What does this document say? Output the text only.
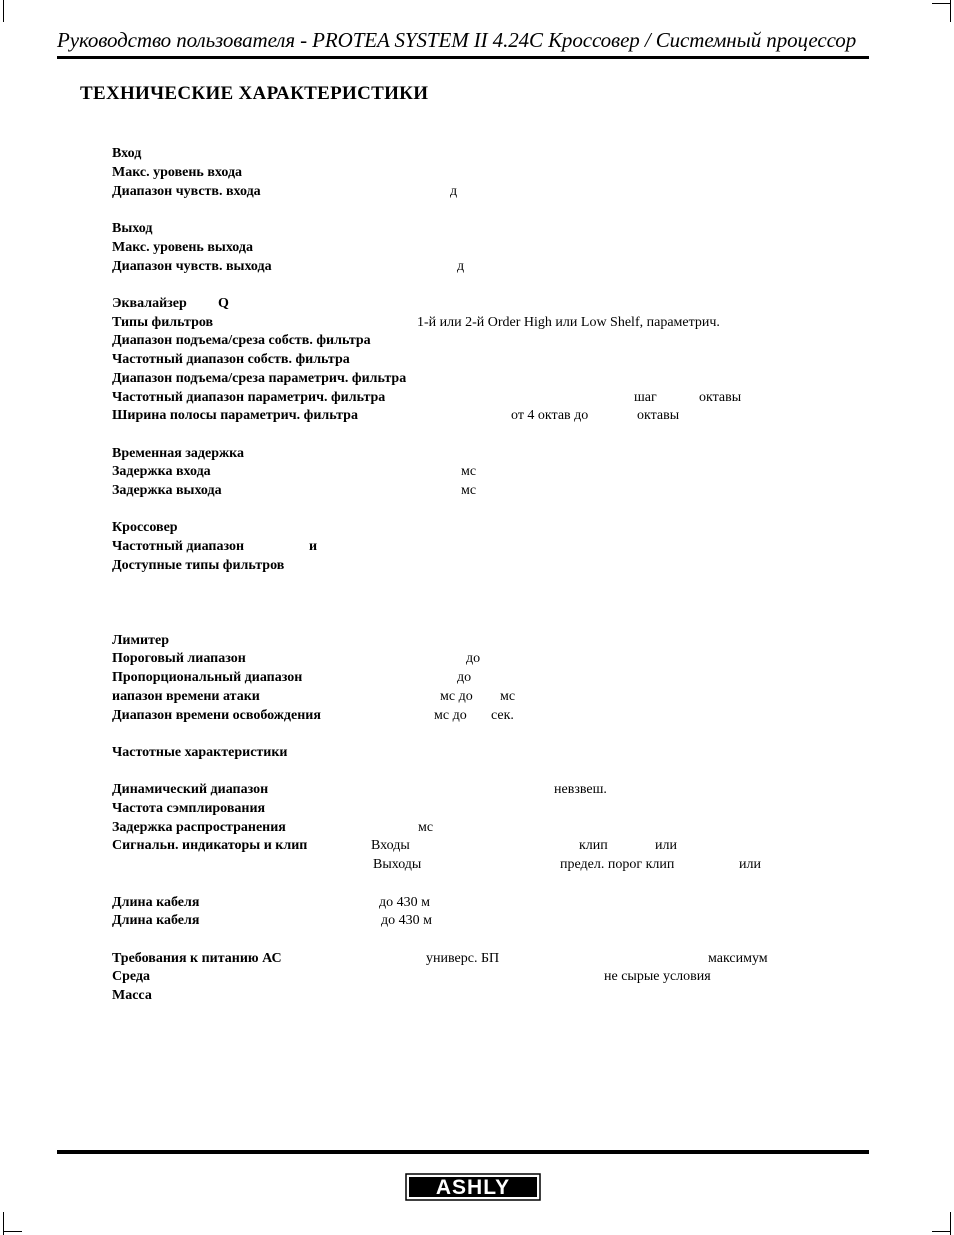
Руководство пользователя - PROTEA SYSTEM II 4.24C Кроссовер / Системный процессор
ТЕХНИЧЕСКИЕ ХАРАКТЕРИСТИКИ
Вход
Макс. уровень входа
Диапазон чувств. входа	д
Выход
Макс. уровень выхода
Диапазон чувств. выхода	д
Эквалайзер Q
Типы фильтров	1-й или 2-й Order High или Low Shelf, параметрич.
Диапазон подъема/среза собств. фильтра
Частотный диапазон собств. фильтра
Диапазон подъема/среза параметрич. фильтра
Частотный диапазон параметрич. фильтра	шаг	октавы
Ширина полосы параметрич. фильтра	от 4 октав до	октавы
Временная задержка
Задержка входа	мс
Задержка выхода	мс
Кроссовер
Частотный диапазон	и
Доступные типы фильтров
Лимитер
Пороговый лиапазон	до
Пропорциональный диапазон	до
иапазон времени атаки	мс до мс
Диапазон времени освобождения	мс до сек.
Частотные характеристики
Динамический диапазон	невзвеш.
Частота сэмплирования
Задержка распространения	мс
Сигнальн. индикаторы и клип	Входы	клип	или
Выходы	предел. порог клип	или
Длина кабеля	до 430 м
Длина кабеля	до 430 м
Требования к питанию АС	универс. БП	максимум
Среда	не сырые условия
Масса
ASHLY
